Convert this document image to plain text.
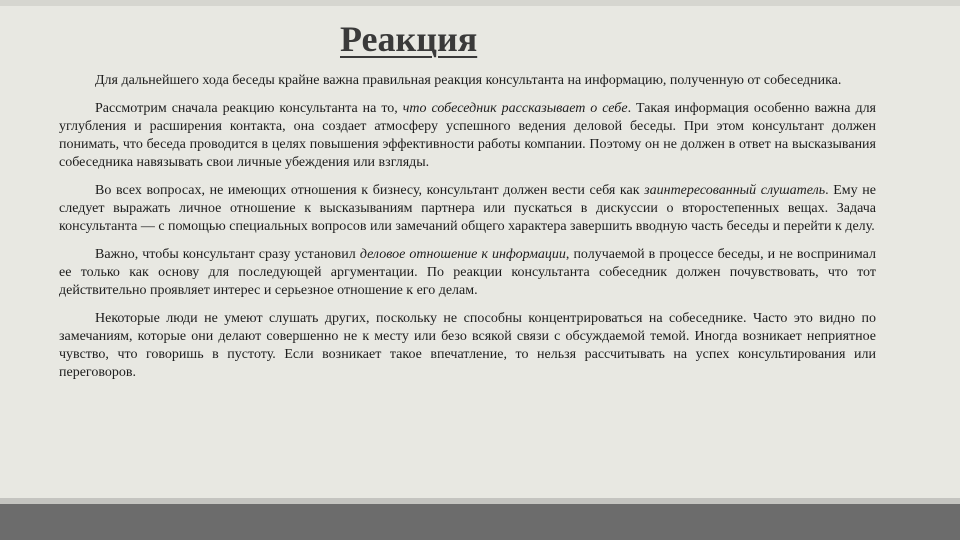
Реакция

Для дальнейшего хода беседы крайне важна правильная реакция консультанта на информацию, полученную от собеседника.

Рассмотрим сначала реакцию консультанта на то, что собеседник рассказывает о себе. Такая информация особенно важна для углубления и расширения контакта, она создает атмосферу успешного ведения деловой беседы. При этом консультант должен понимать, что беседа проводится в целях повышения эффективности работы компании. Поэтому он не должен в ответ на высказывания собеседника навязывать свои личные убеждения или взгляды.

Во всех вопросах, не имеющих отношения к бизнесу, консультант должен вести себя как заинтересованный слушатель. Ему не следует выражать личное отношение к высказываниям партнера или пускаться в дискуссии о второстепенных вещах. Задача консультанта — с помощью специальных вопросов или замечаний общего характера завершить вводную часть беседы и перейти к делу.

Важно, чтобы консультант сразу установил деловое отношение к информации, получаемой в процессе беседы, и не воспринимал ее только как основу для последующей аргументации. По реакции консультанта собеседник должен почувствовать, что тот действительно проявляет интерес и серьезное отношение к его делам.

Некоторые люди не умеют слушать других, поскольку не способны концентрироваться на собеседнике. Часто это видно по замечаниям, которые они делают совершенно не к месту или безо всякой связи с обсуждаемой темой. Иногда возникает неприятное чувство, что говоришь в пустоту. Если возникает такое впечатление, то нельзя рассчитывать на успех консультирования или переговоров.
